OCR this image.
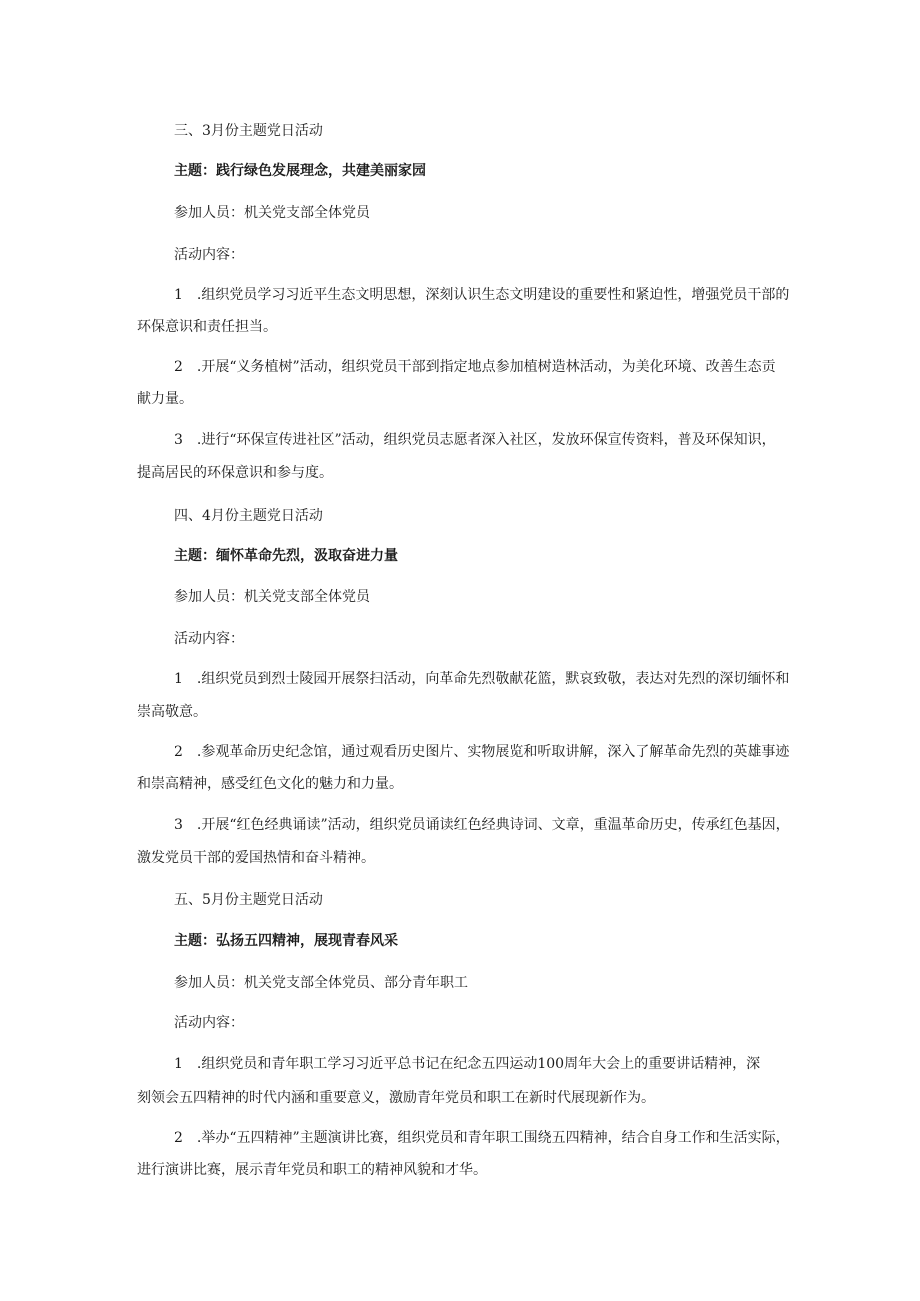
三、3月份主题党日活动
主题：践行绿色发展理念，共建美丽家园
参加人员：机关党支部全体党员
活动内容：
1　.组织党员学习习近平生态文明思想，深刻认识生态文明建设的重要性和紧迫性，增强党员干部的
环保意识和责任担当。
2　.开展“义务植树”活动，组织党员干部到指定地点参加植树造林活动，为美化环境、改善生态贡
献力量。
3　.进行“环保宣传进社区”活动，组织党员志愿者深入社区，发放环保宣传资料，普及环保知识，
提高居民的环保意识和参与度。
四、4月份主题党日活动
主题：缅怀革命先烈，汲取奋进力量
参加人员：机关党支部全体党员
活动内容：
1　.组织党员到烈士陵园开展祭扫活动，向革命先烈敬献花篮，默哀致敬，表达对先烈的深切缅怀和
崇高敬意。
2　.参观革命历史纪念馆，通过观看历史图片、实物展览和听取讲解，深入了解革命先烈的英雄事迹
和崇高精神，感受红色文化的魅力和力量。
3　.开展“红色经典诵读”活动，组织党员诵读红色经典诗词、文章，重温革命历史，传承红色基因，
激发党员干部的爱国热情和奋斗精神。
五、5月份主题党日活动
主题：弘扬五四精神，展现青春风采
参加人员：机关党支部全体党员、部分青年职工
活动内容：
1　.组织党员和青年职工学习习近平总书记在纪念五四运动100周年大会上的重要讲话精神，深
刻领会五四精神的时代内涵和重要意义，激励青年党员和职工在新时代展现新作为。
2　.举办“五四精神”主题演讲比赛，组织党员和青年职工围绕五四精神，结合自身工作和生活实际，
进行演讲比赛，展示青年党员和职工的精神风貌和才华。
